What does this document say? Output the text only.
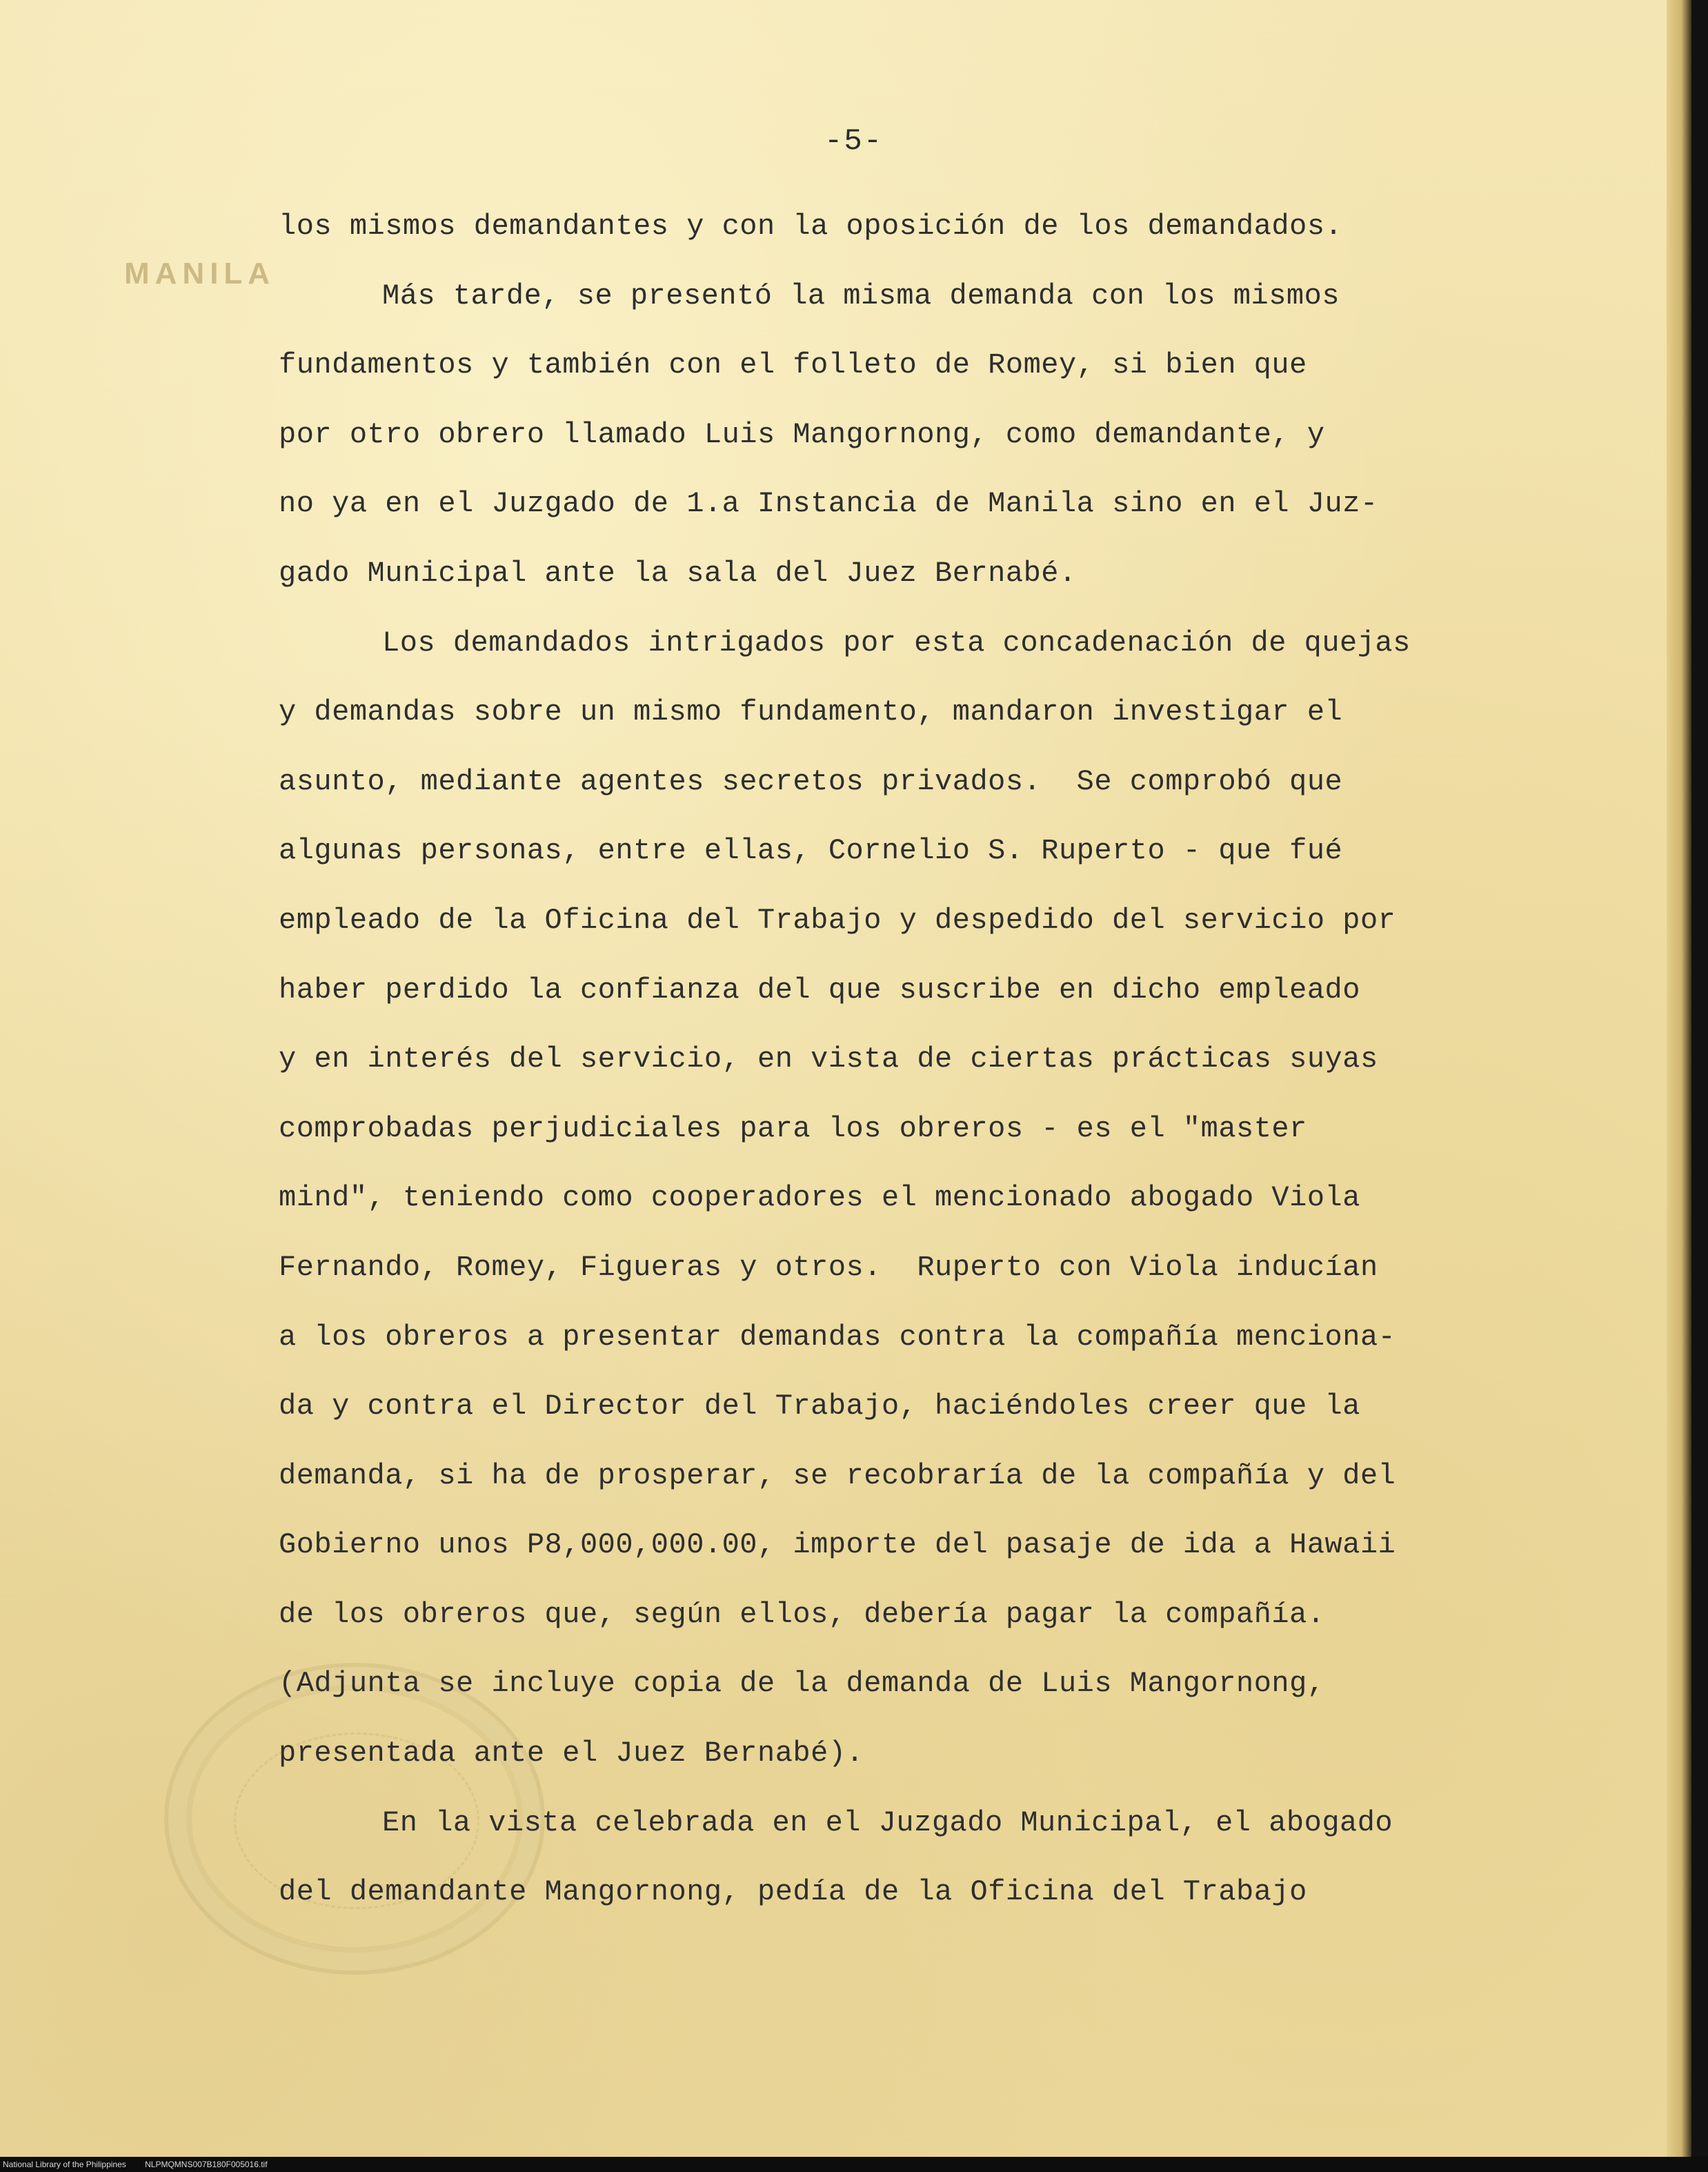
-5-
MANILA
los mismos demandantes y con la oposición de los demandados.
Más tarde, se presentó la misma demanda con los mismos
fundamentos y también con el folleto de Romey, si bien que
por otro obrero llamado Luis Mangornong, como demandante, y
no ya en el Juzgado de 1.a Instancia de Manila sino en el Juz-
gado Municipal ante la sala del Juez Bernabé.
Los demandados intrigados por esta concadenación de quejas
y demandas sobre un mismo fundamento, mandaron investigar el
asunto, mediante agentes secretos privados.  Se comprobó que
algunas personas, entre ellas, Cornelio S. Ruperto - que fué
empleado de la Oficina del Trabajo y despedido del servicio por
haber perdido la confianza del que suscribe en dicho empleado
y en interés del servicio, en vista de ciertas prácticas suyas
comprobadas perjudiciales para los obreros - es el "master
mind", teniendo como cooperadores el mencionado abogado Viola
Fernando, Romey, Figueras y otros.  Ruperto con Viola inducían
a los obreros a presentar demandas contra la compañía menciona-
da y contra el Director del Trabajo, haciéndoles creer que la
demanda, si ha de prosperar, se recobraría de la compañía y del
Gobierno unos P8,000,000.00, importe del pasaje de ida a Hawaii
de los obreros que, según ellos, debería pagar la compañía.
(Adjunta se incluye copia de la demanda de Luis Mangornong,
presentada ante el Juez Bernabé).
En la vista celebrada en el Juzgado Municipal, el abogado
del demandante Mangornong, pedía de la Oficina del Trabajo
National Library of the Philippines NLPMQMNS007B180F005016.tif
